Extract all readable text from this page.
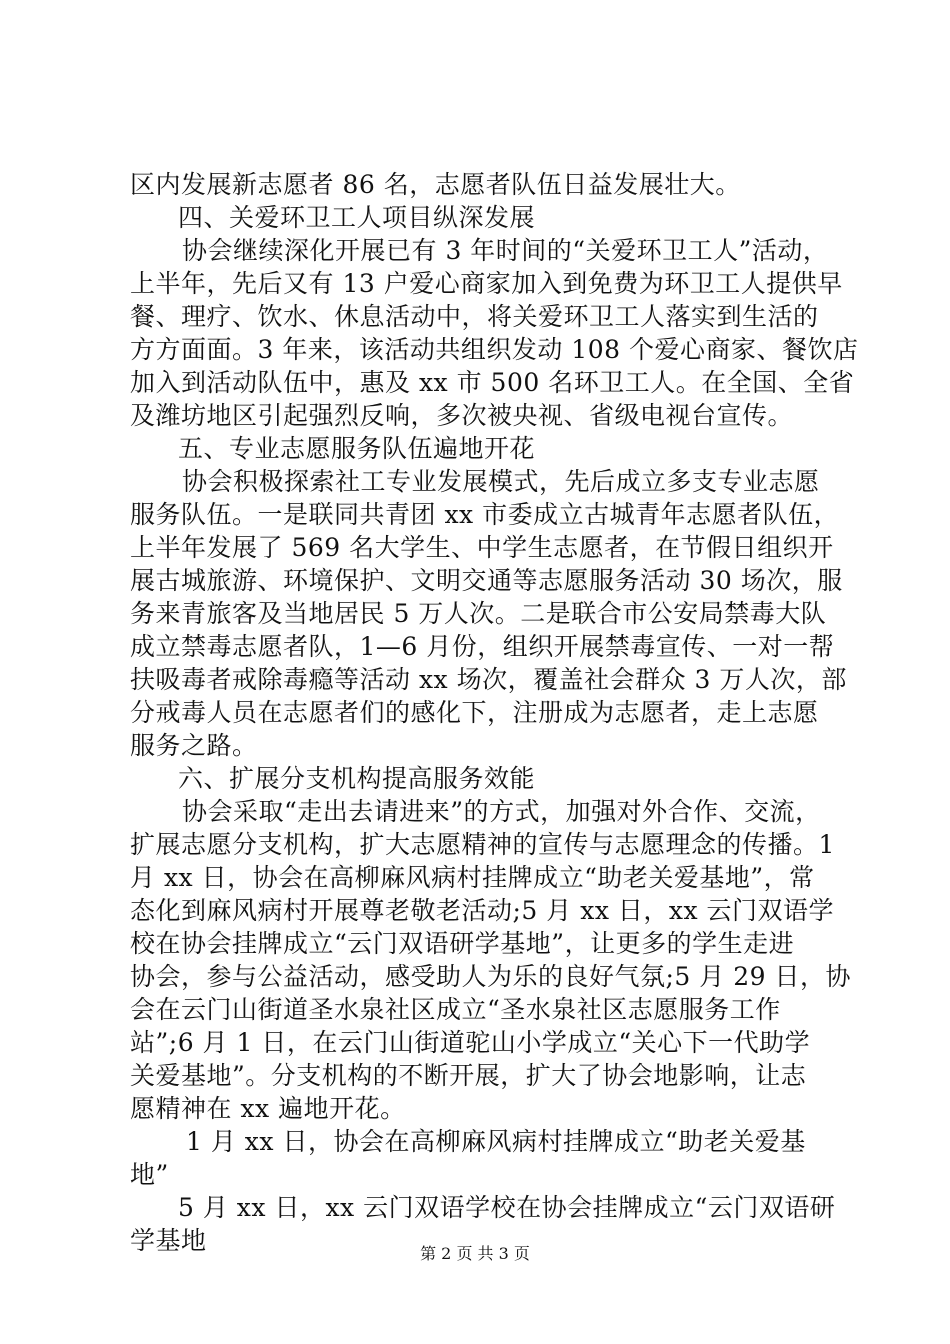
区内发展新志愿者 86 名，志愿者队伍日益发展壮大。
四、关爱环卫工人项目纵深发展
协会继续深化开展已有 3 年时间的“关爱环卫工人”活动，
上半年，先后又有 13 户爱心商家加入到免费为环卫工人提供早
餐、理疗、饮水、休息活动中，将关爱环卫工人落实到生活的
方方面面。3 年来，该活动共组织发动 108 个爱心商家、餐饮店
加入到活动队伍中，惠及 xx 市 500 名环卫工人。在全国、全省
及潍坊地区引起强烈反响，多次被央视、省级电视台宣传。
五、专业志愿服务队伍遍地开花
协会积极探索社工专业发展模式，先后成立多支专业志愿
服务队伍。一是联同共青团 xx 市委成立古城青年志愿者队伍，
上半年发展了 569 名大学生、中学生志愿者，在节假日组织开
展古城旅游、环境保护、文明交通等志愿服务活动 30 场次，服
务来青旅客及当地居民 5 万人次。二是联合市公安局禁毒大队
成立禁毒志愿者队，1—6 月份，组织开展禁毒宣传、一对一帮
扶吸毒者戒除毒瘾等活动 xx 场次，覆盖社会群众 3 万人次，部
分戒毒人员在志愿者们的感化下，注册成为志愿者，走上志愿
服务之路。
六、扩展分支机构提高服务效能
协会采取“走出去请进来”的方式，加强对外合作、交流，
扩展志愿分支机构，扩大志愿精神的宣传与志愿理念的传播。1
月 xx 日，协会在高柳麻风病村挂牌成立“助老关爱基地”，常
态化到麻风病村开展尊老敬老活动;5 月 xx 日，xx 云门双语学
校在协会挂牌成立“云门双语研学基地”，让更多的学生走进
协会，参与公益活动，感受助人为乐的良好气氛;5 月 29 日，协
会在云门山街道圣水泉社区成立“圣水泉社区志愿服务工作
站”;6 月 1 日，在云门山街道驼山小学成立“关心下一代助学
关爱基地”。分支机构的不断开展，扩大了协会地影响，让志
愿精神在 xx 遍地开花。
1 月 xx 日，协会在高柳麻风病村挂牌成立“助老关爱基
地”
5 月 xx 日，xx 云门双语学校在协会挂牌成立“云门双语研
学基地	第 2 页 共 3 页
